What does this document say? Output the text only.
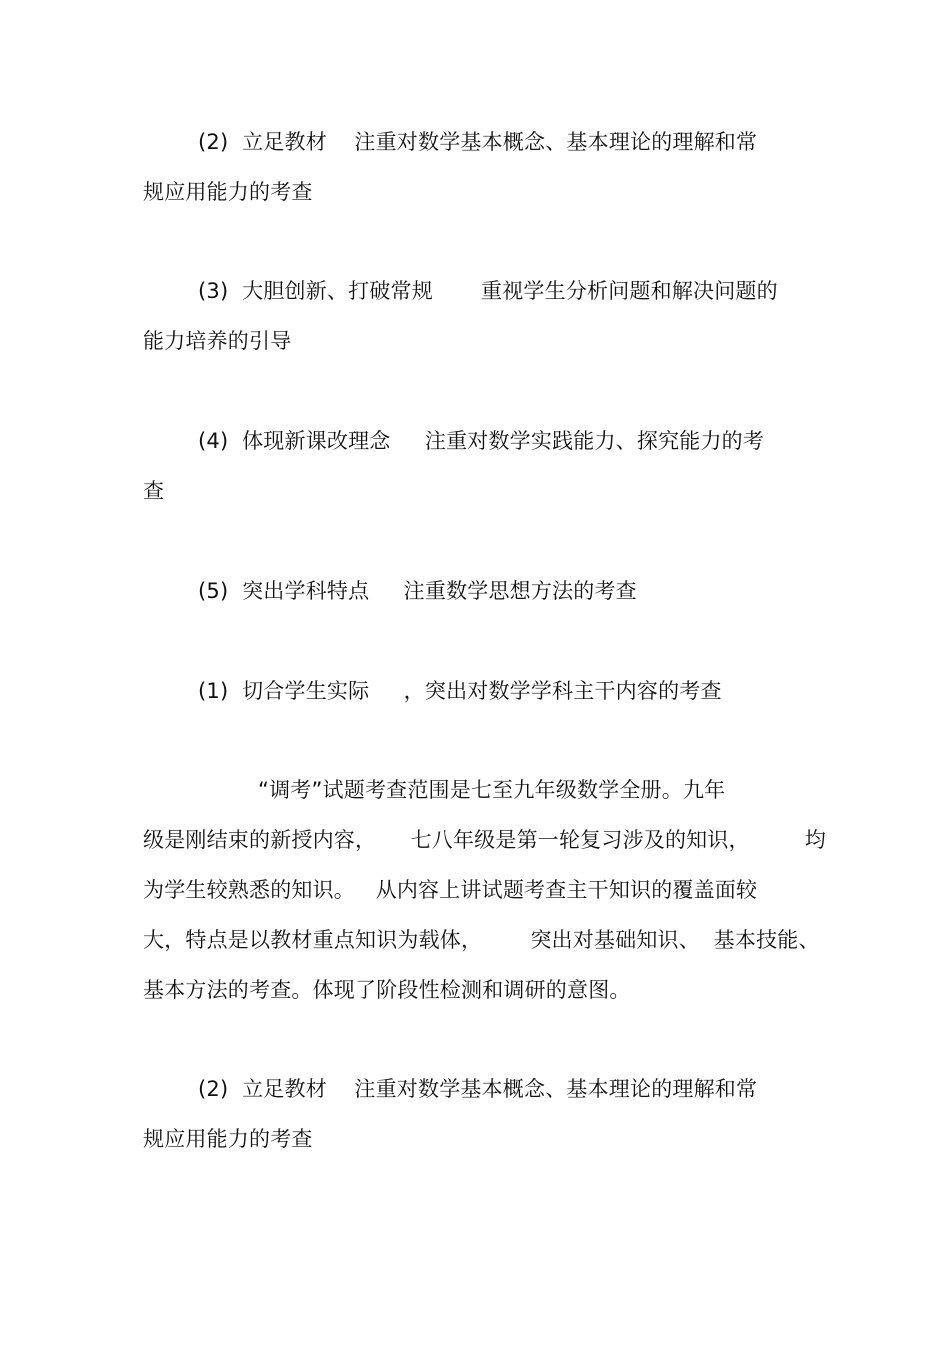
(2)  立足教材    注重对数学基本概念、基本理论的理解和常
规应用能力的考查
(3)  大胆创新、打破常规       重视学生分析问题和解决问题的
能力培养的引导
(4)  体现新课改理念     注重对数学实践能力、探究能力的考
查
(5)  突出学科特点     注重数学思想方法的考查
(1)  切合学生实际     ，突出对数学学科主干内容的考查
“调考”试题考查范围是七至九年级数学全册。九年
级是刚结束的新授内容，     七八年级是第一轮复习涉及的知识，        均
为学生较熟悉的知识。   从内容上讲试题考查主干知识的覆盖面较
大，特点是以教材重点知识为载体，       突出对基础知识、  基本技能、
基本方法的考查。体现了阶段性检测和调研的意图。
(2)  立足教材    注重对数学基本概念、基本理论的理解和常
规应用能力的考查
